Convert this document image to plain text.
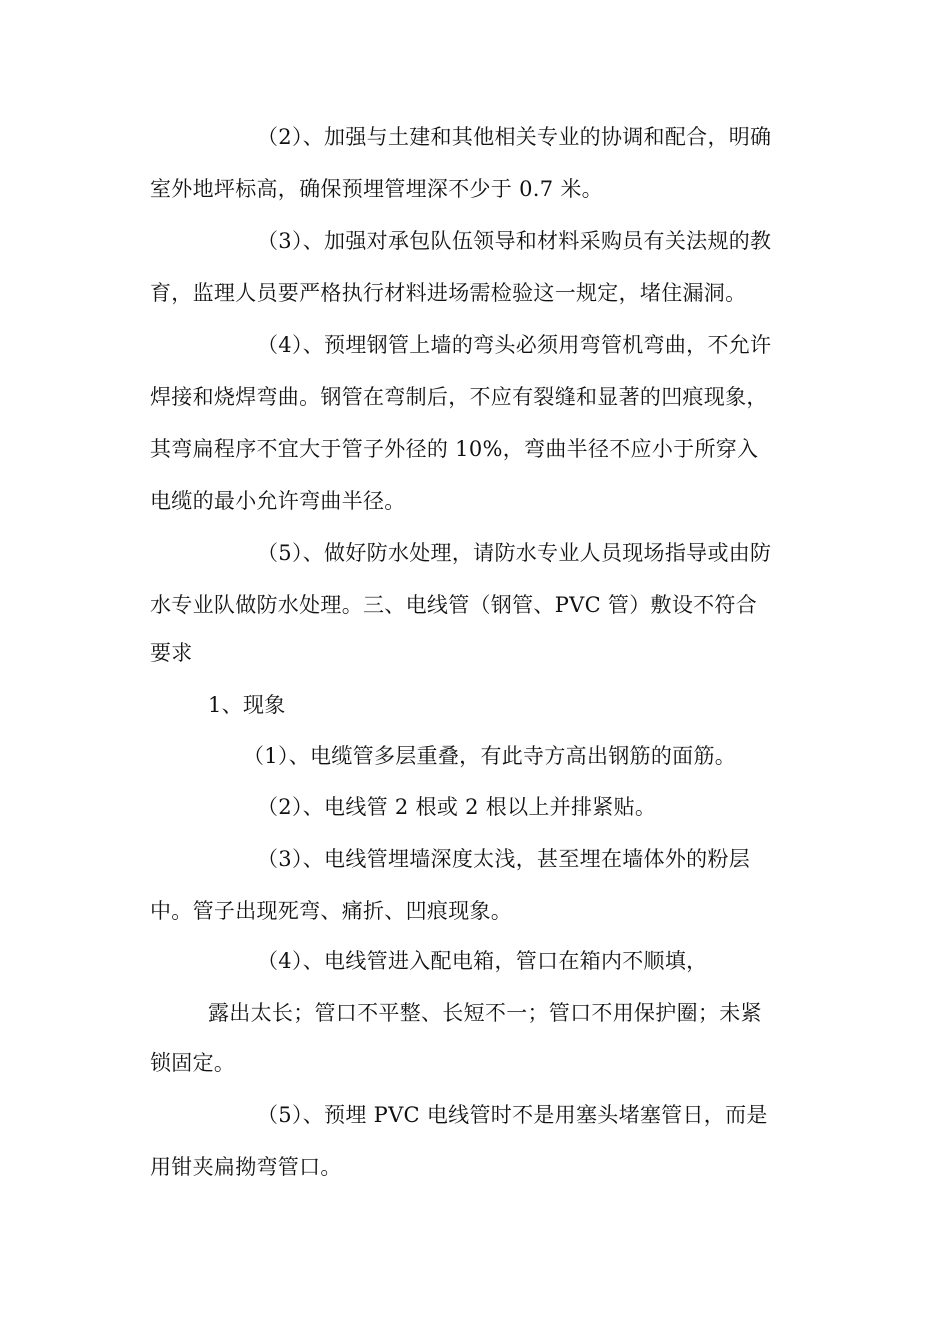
（2）、加强与土建和其他相关专业的协调和配合，明确
室外地坪标高，确保预埋管埋深不少于 0.7 米。
（3）、加强对承包队伍领导和材料采购员有关法规的教
育，监理人员要严格执行材料进场需检验这一规定，堵住漏洞。
（4）、预埋钢管上墙的弯头必须用弯管机弯曲，不允许
焊接和烧焊弯曲。钢管在弯制后，不应有裂缝和显著的凹痕现象，
其弯扁程序不宜大于管子外径的 10%，弯曲半径不应小于所穿入
电缆的最小允许弯曲半径。
（5）、做好防水处理，请防水专业人员现场指导或由防
水专业队做防水处理。三、电线管（钢管、PVC 管）敷设不符合
要求
1、现象
（1）、电缆管多层重叠，有此寺方高出钢筋的面筋。
（2）、电线管 2 根或 2 根以上并排紧贴。
（3）、电线管埋墙深度太浅，甚至埋在墙体外的粉层
中。管子出现死弯、痛折、凹痕现象。
（4）、电线管进入配电箱，管口在箱内不顺填，
露出太长；管口不平整、长短不一；管口不用保护圈；未紧
锁固定。
（5）、预埋 PVC 电线管时不是用塞头堵塞管日，而是
用钳夹扁拗弯管口。
